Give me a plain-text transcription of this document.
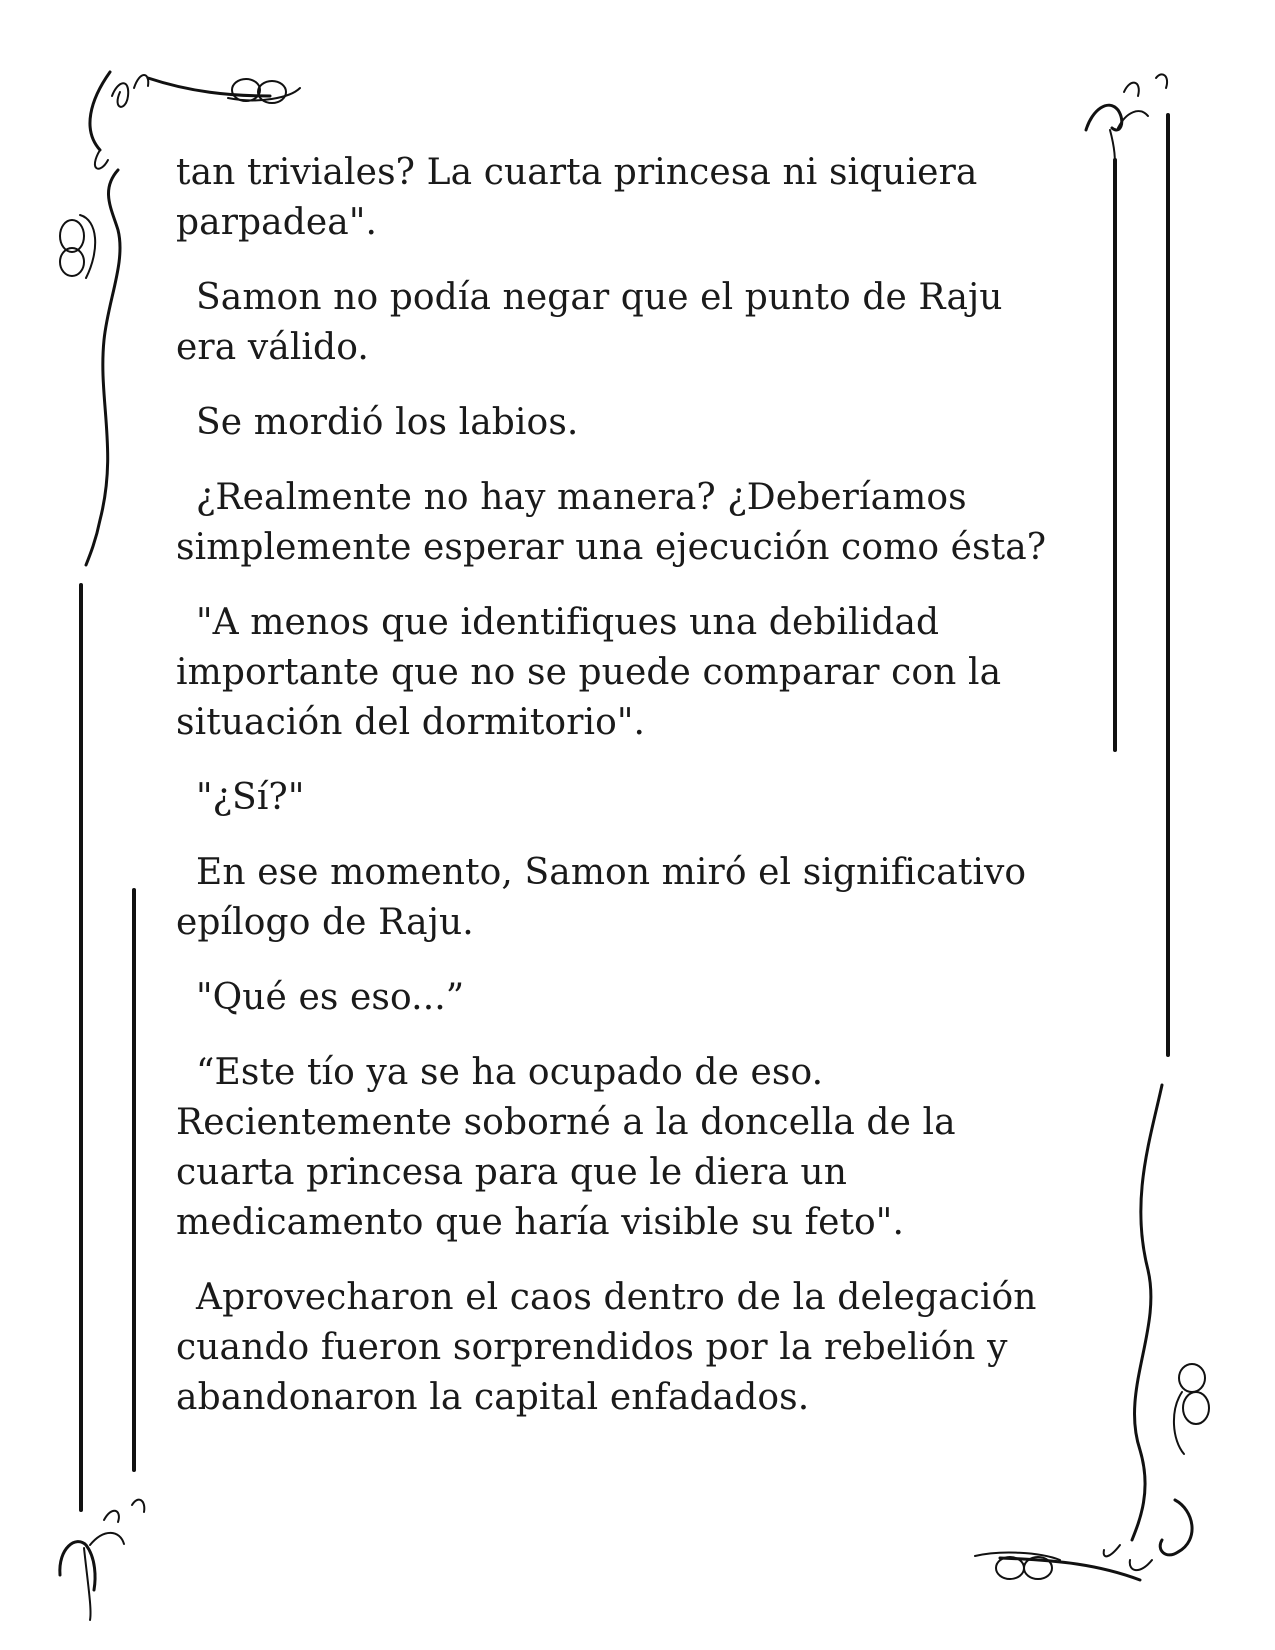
tan triviales? La cuarta princesa ni siquiera
parpadea".

Samon no podía negar que el punto de Raju
era válido.

Se mordió los labios.

¿Realmente no hay manera? ¿Deberíamos
simplemente esperar una ejecución como ésta?

"A menos que identifiques una debilidad
importante que no se puede comparar con la
situación del dormitorio".

"¿Sí?"

En ese momento, Samon miró el significativo
epílogo de Raju.

"Qué es eso...”

“Este tío ya se ha ocupado de eso.
Recientemente soborné a la doncella de la
cuarta princesa para que le diera un
medicamento que haría visible su feto".

Aprovecharon el caos dentro de la delegación
cuando fueron sorprendidos por la rebelión y
abandonaron la capital enfadados.
